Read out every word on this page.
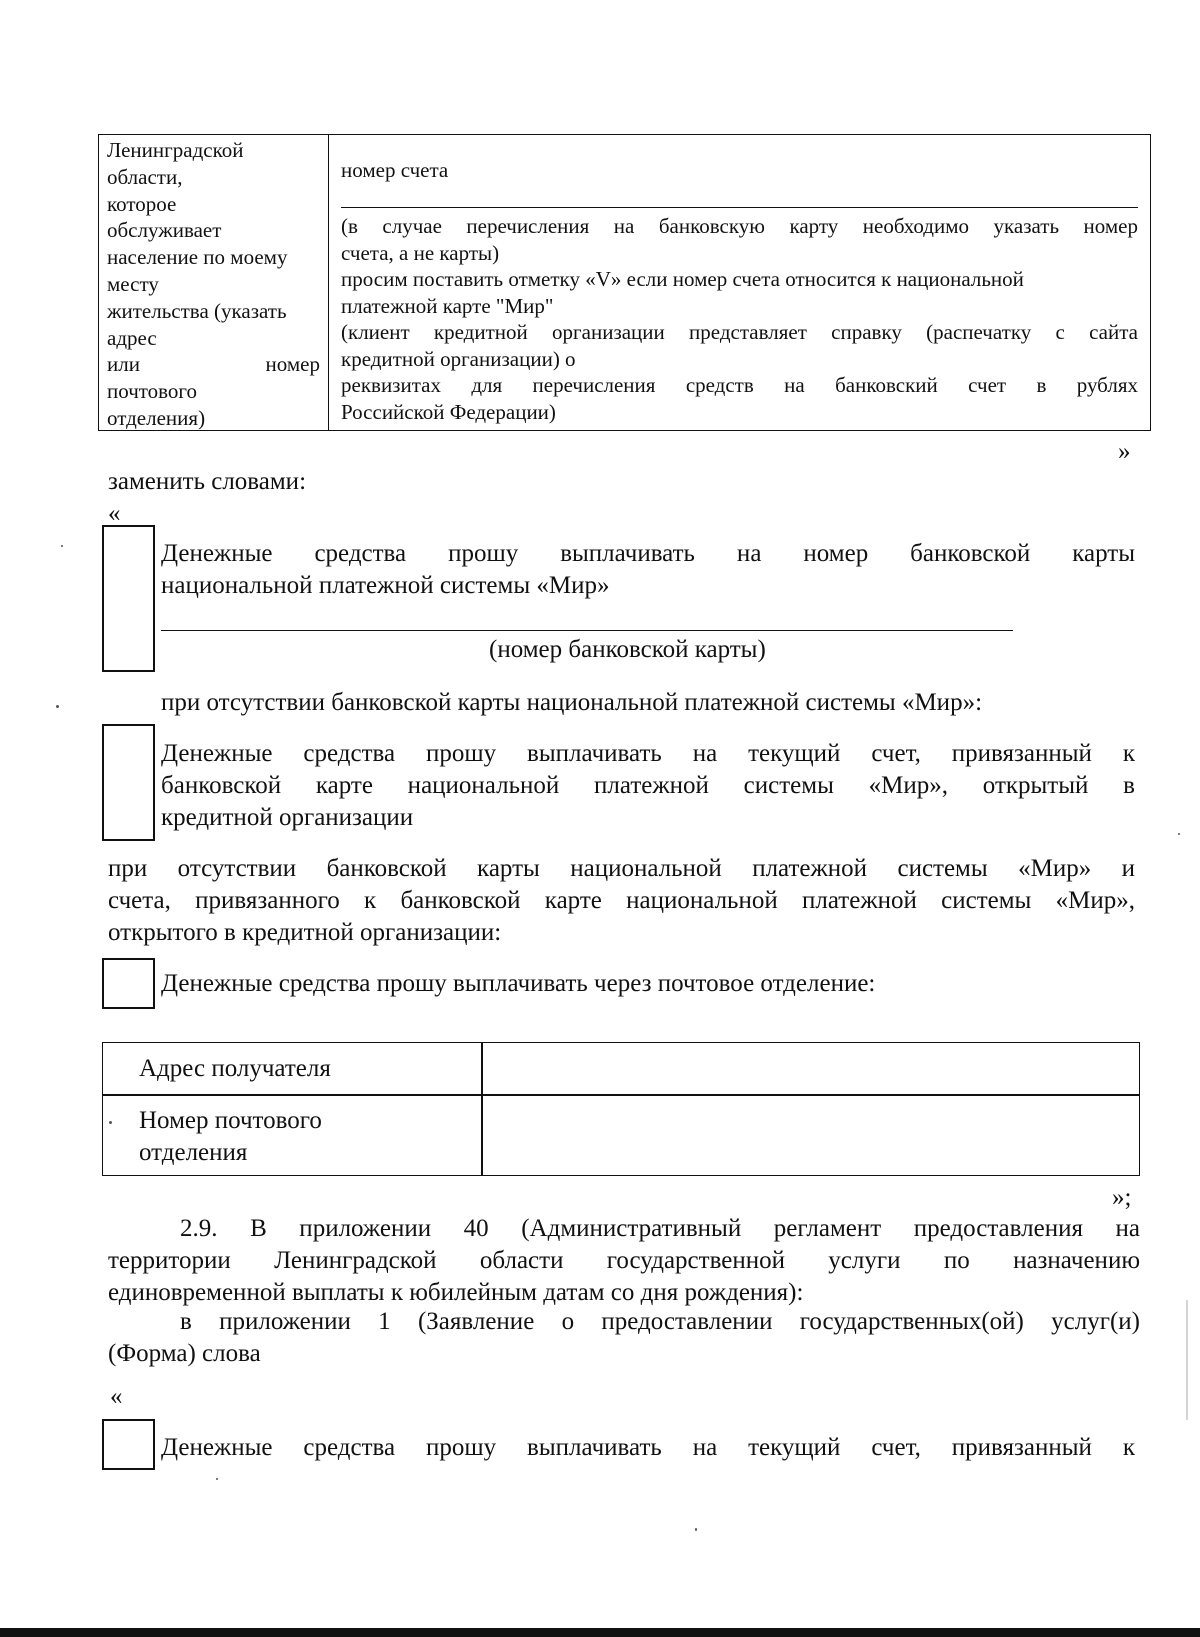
Ленинградской
области,
которое
обслуживает
население по моему
месту
жительства (указать
адрес
или	номер
почтового
отделения)
номер счета
(в случае перечисления на банковскую карту необходимо указать номер
счета, а не карты)
просим поставить отметку «V» если номер счета относится к национальной
платежной карте "Мир"
(клиент кредитной организации представляет справку (распечатку с сайта
кредитной организации) о
реквизитах для перечисления средств на банковский счет в рублях
Российской Федерации)
»
заменить словами:
«
Денежные средства прошу выплачивать на номер банковской карты
национальной платежной системы «Мир»
(номер банковской карты)
при отсутствии банковской карты национальной платежной системы «Мир»:
Денежные средства прошу выплачивать на текущий счет, привязанный к
банковской карте национальной платежной системы «Мир», открытый в
кредитной организации
при отсутствии банковской карты национальной платежной системы «Мир» и
счета, привязанного к банковской карте национальной платежной системы «Мир»,
открытого в кредитной организации:
Денежные средства прошу выплачивать через почтовое отделение:
Адрес получателя
Номер почтового
отделения
»;
2.9. В приложении 40 (Административный регламент предоставления на
территории Ленинградской области государственной услуги по назначению
единовременной выплаты к юбилейным датам со дня рождения):
в приложении 1 (Заявление о предоставлении государственных(ой) услуг(и)
(Форма) слова
«
Денежные средства прошу выплачивать на текущий счет, привязанный к
